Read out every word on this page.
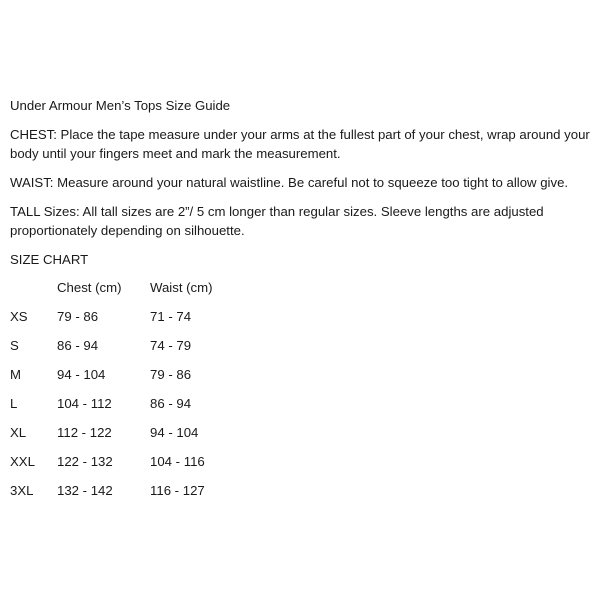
Under Armour Men’s Tops Size Guide

CHEST: Place the tape measure under your arms at the fullest part of your chest, wrap around your body until your fingers meet and mark the measurement.

WAIST: Measure around your natural waistline. Be careful not to squeeze too tight to allow give.

TALL Sizes: All tall sizes are 2”/ 5 cm longer than regular sizes. Sleeve lengths are adjusted proportionately depending on silhouette.

SIZE CHART
	Chest (cm)	Waist (cm)
XS	79 - 86	71 - 74
S	86 - 94	74 - 79
M	94 - 104	79 - 86
L	104 - 112	86 - 94
XL	112 - 122	94 - 104
XXL	122 - 132	104 - 116
3XL	132 - 142	116 - 127
